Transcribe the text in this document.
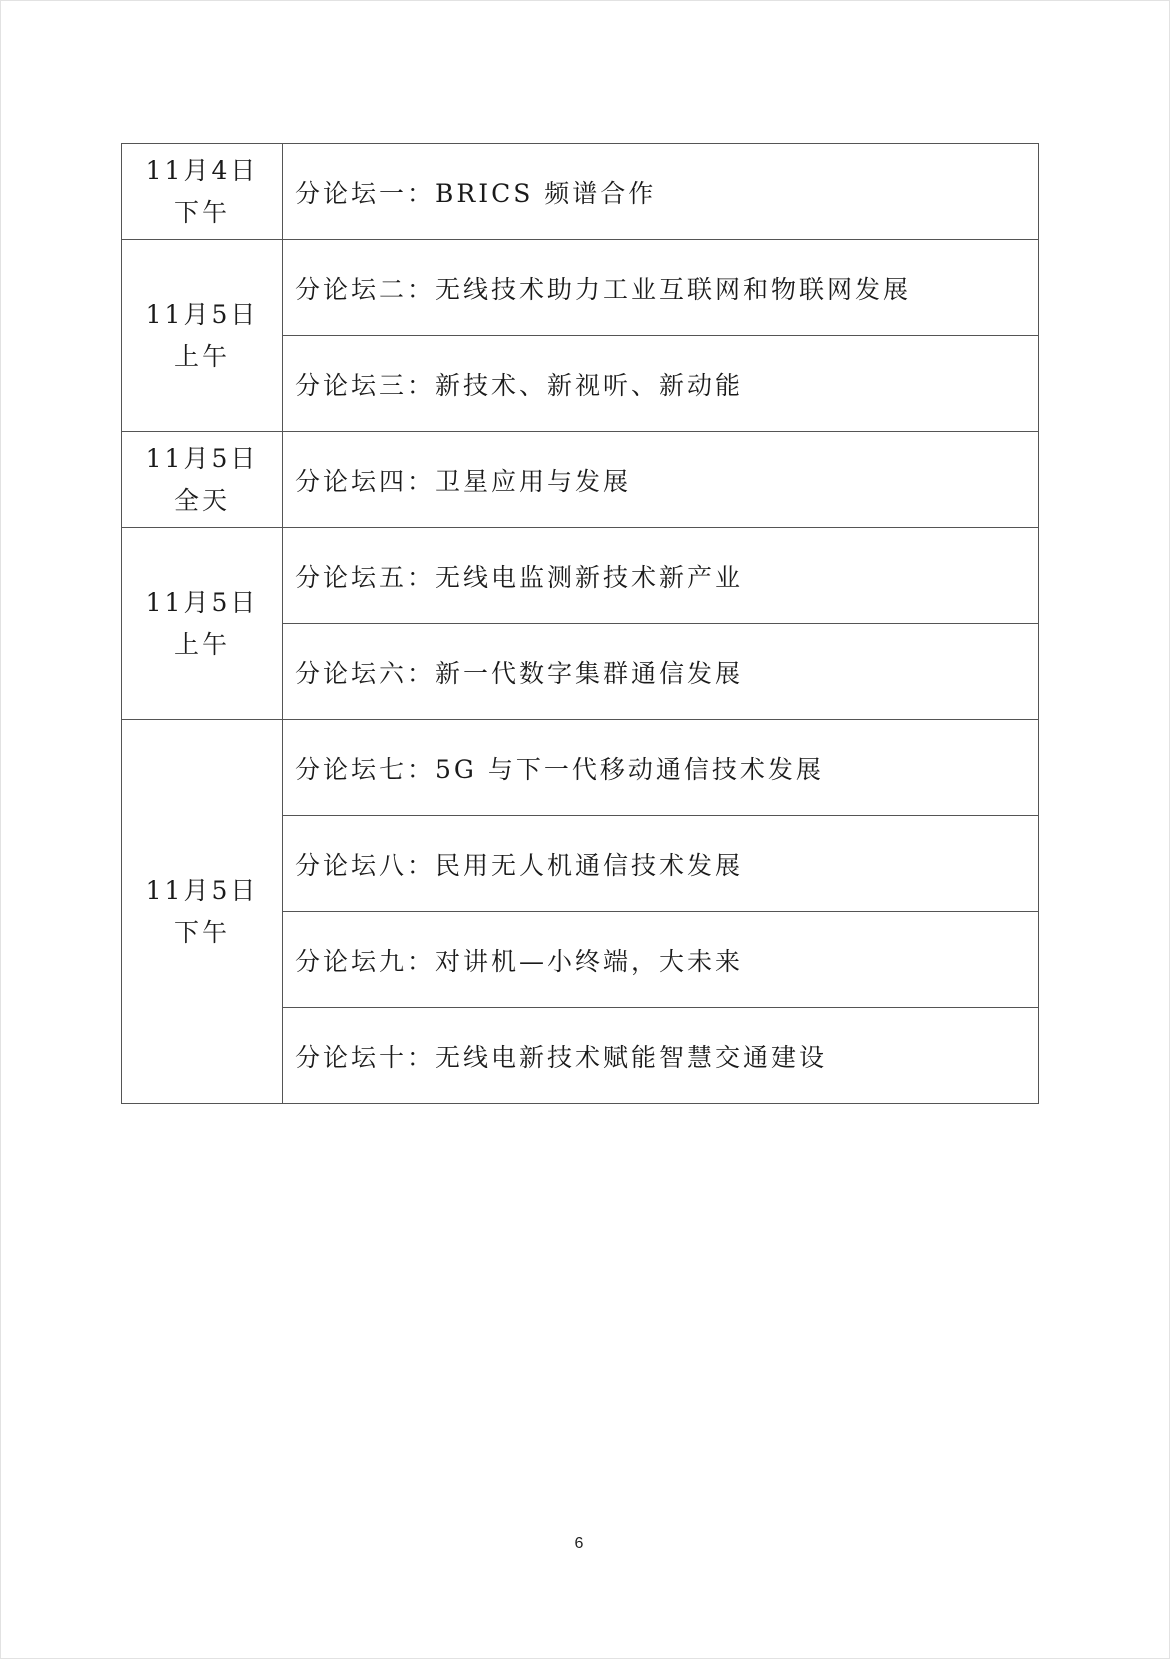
11月4日
下午	分论坛一：BRICS 频谱合作

11月5日
上午	分论坛二：无线技术助力工业互联网和物联网发展
	分论坛三：新技术、新视听、新动能

11月5日
全天	分论坛四：卫星应用与发展

11月5日
上午	分论坛五：无线电监测新技术新产业
	分论坛六：新一代数字集群通信发展

11月5日
下午	分论坛七：5G 与下一代移动通信技术发展
	分论坛八：民用无人机通信技术发展
	分论坛九：对讲机—小终端，大未来
	分论坛十：无线电新技术赋能智慧交通建设
6
